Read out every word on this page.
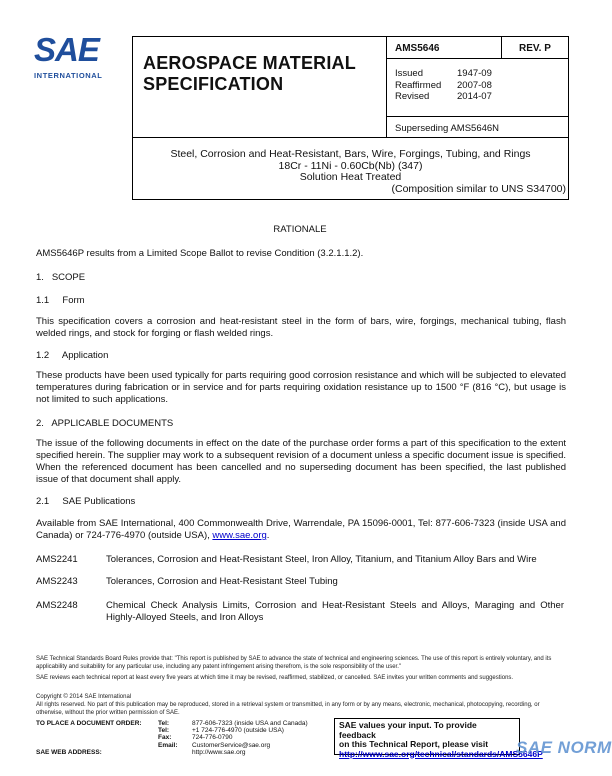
SAE
INTERNATIONAL
AEROSPACE MATERIAL
SPECIFICATION
AMS5646	REV. P
Issued	1947-09
Reaffirmed	2007-08
Revised	2014-07
Superseding AMS5646N
Steel, Corrosion and Heat-Resistant, Bars, Wire, Forgings, Tubing, and Rings
18Cr - 11Ni - 0.60Cb(Nb) (347)
Solution Heat Treated
(Composition similar to UNS S34700)
RATIONALE
AMS5646P results from a Limited Scope Ballot to revise Condition (3.2.1.1.2).
1.   SCOPE
1.1     Form
This specification covers a corrosion and heat-resistant steel in the form of bars, wire, forgings, mechanical tubing, flash welded rings, and stock for forging or flash welded rings.
1.2     Application
These products have been used typically for parts requiring good corrosion resistance and which will be subjected to elevated temperatures during fabrication or in service and for parts requiring oxidation resistance up to 1500 °F (816 °C), but usage is not limited to such applications.
2.   APPLICABLE DOCUMENTS
The issue of the following documents in effect on the date of the purchase order forms a part of this specification to the extent specified herein. The supplier may work to a subsequent revision of a document unless a specific document issue is specified. When the referenced document has been cancelled and no superseding document has been specified, the last published issue of that document shall apply.
2.1     SAE Publications
Available from SAE International, 400 Commonwealth Drive, Warrendale, PA 15096-0001, Tel: 877-606-7323 (inside USA and Canada) or 724-776-4970 (outside USA), www.sae.org.
AMS2241	Tolerances, Corrosion and Heat-Resistant Steel, Iron Alloy, Titanium, and Titanium Alloy Bars and Wire
AMS2243	Tolerances, Corrosion and Heat-Resistant Steel Tubing
AMS2248	Chemical Check Analysis Limits, Corrosion and Heat-Resistant Steels and Alloys, Maraging and Other Highly-Alloyed Steels, and Iron Alloys
SAE Technical Standards Board Rules provide that: "This report is published by SAE to advance the state of technical and engineering sciences. The use of this report is entirely voluntary, and its applicability and suitability for any particular use, including any patent infringement arising therefrom, is the sole responsibility of the user."
SAE reviews each technical report at least every five years at which time it may be revised, reaffirmed, stabilized, or cancelled. SAE invites your written comments and suggestions.
Copyright © 2014 SAE International
All rights reserved. No part of this publication may be reproduced, stored in a retrieval system or transmitted, in any form or by any means, electronic, mechanical, photocopying, recording, or otherwise, without the prior written permission of SAE.
TO PLACE A DOCUMENT ORDER:	Tel:	877-606-7323 (inside USA and Canada)
Tel:	+1 724-776-4970 (outside USA)
Fax:	724-776-0790
Email:	CustomerService@sae.org
SAE WEB ADDRESS:	http://www.sae.org
SAE values your input. To provide feedback
on this Technical Report, please visit
http://www.sae.org/technical/standards/AMS5646P
SAE NORM
